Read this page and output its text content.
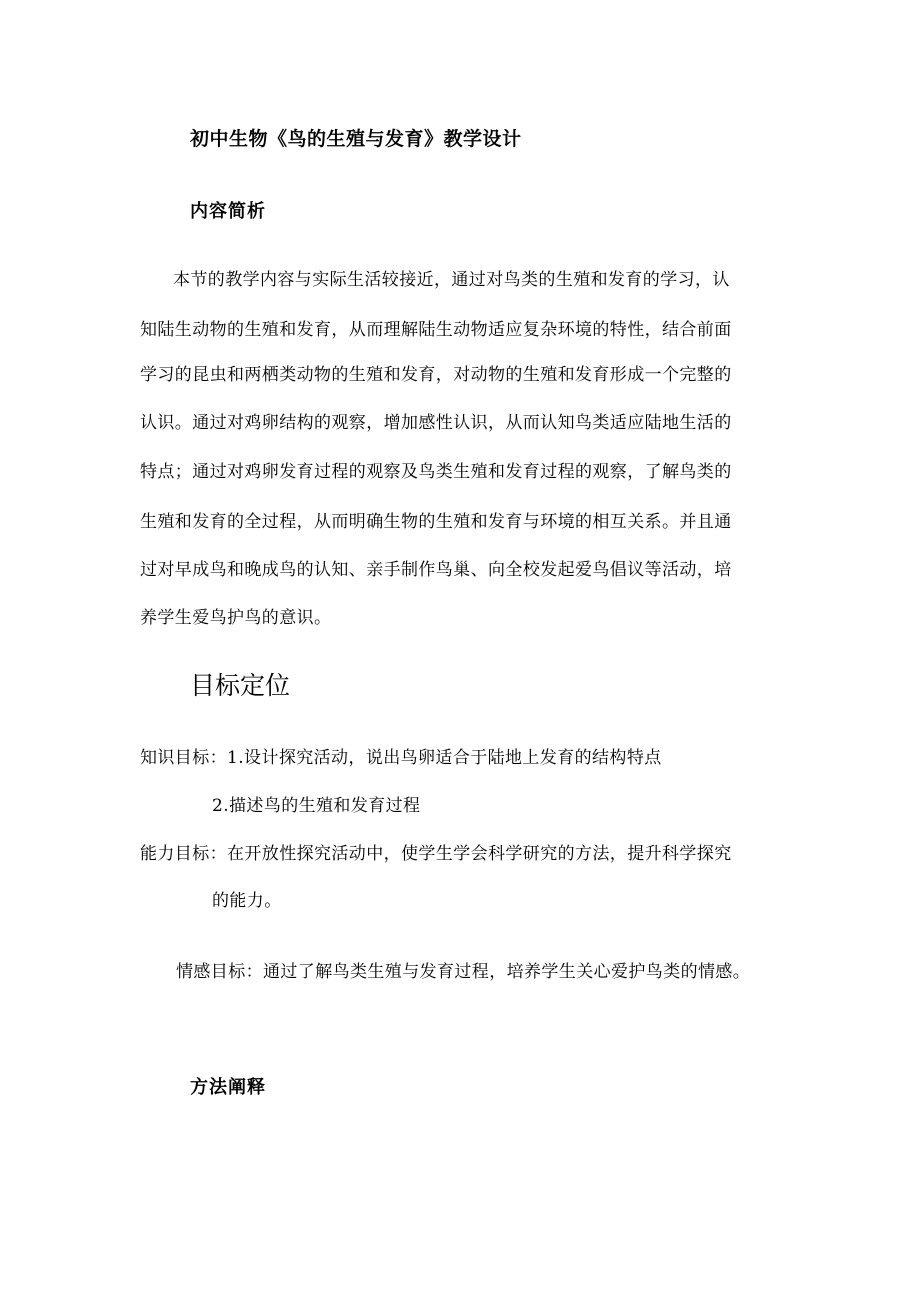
初中生物《鸟的生殖与发育》教学设计
内容简析
本节的教学内容与实际生活较接近，通过对鸟类的生殖和发育的学习，认
知陆生动物的生殖和发育，从而理解陆生动物适应复杂环境的特性，结合前面
学习的昆虫和两栖类动物的生殖和发育，对动物的生殖和发育形成一个完整的
认识。通过对鸡卵结构的观察，增加感性认识，从而认知鸟类适应陆地生活的
特点；通过对鸡卵发育过程的观察及鸟类生殖和发育过程的观察，了解鸟类的
生殖和发育的全过程，从而明确生物的生殖和发育与环境的相互关系。并且通
过对早成鸟和晚成鸟的认知、亲手制作鸟巢、向全校发起爱鸟倡议等活动，培
养学生爱鸟护鸟的意识。
目标定位
知识目标：1.设计探究活动，说出鸟卵适合于陆地上发育的结构特点
2.描述鸟的生殖和发育过程
能力目标：在开放性探究活动中，使学生学会科学研究的方法，提升科学探究
的能力。
情感目标：通过了解鸟类生殖与发育过程，培养学生关心爱护鸟类的情感。
方法阐释
